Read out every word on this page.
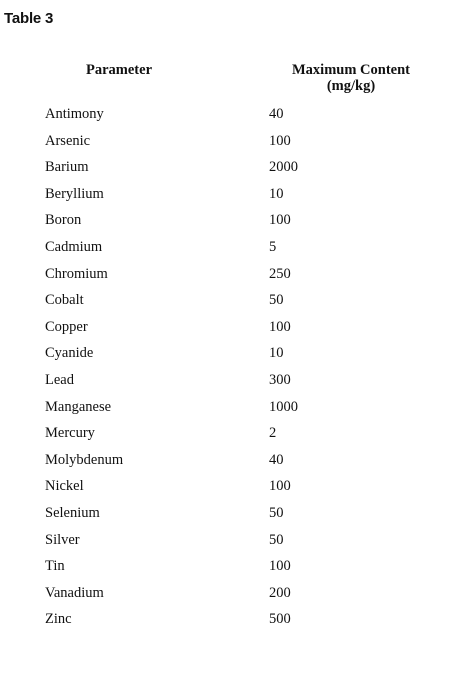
Table 3
Parameter	Maximum Content
(mg/kg)
Antimony	40
Arsenic	100
Barium	2000
Beryllium	10
Boron	100
Cadmium	5
Chromium	250
Cobalt	50
Copper	100
Cyanide	10
Lead	300
Manganese	1000
Mercury	2
Molybdenum	40
Nickel	100
Selenium	50
Silver	50
Tin	100
Vanadium	200
Zinc	500
